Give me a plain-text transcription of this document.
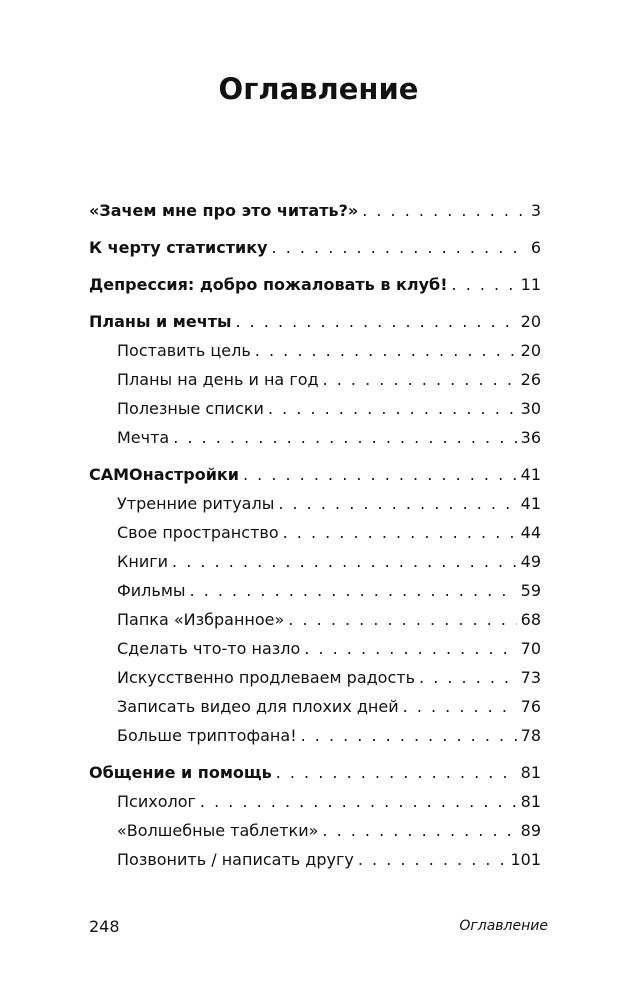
Оглавление
«Зачем мне про это читать?» . . .	3
К черту статистику . . .	6
Депрессия: добро пожаловать в клуб! . . .	11
Планы и мечты . . .	20
Поставить цель . . .	20
Планы на день и на год . . .	26
Полезные списки . . .	30
Мечта . . .	36
САМОнастройки . . .	41
Утренние ритуалы . . .	41
Свое пространство . . .	44
Книги . . .	49
Фильмы . . .	59
Папка «Избранное» . . .	68
Сделать что-то назло . . .	70
Искусственно продлеваем радость . . .	73
Записать видео для плохих дней . . .	76
Больше триптофана! . . .	78
Общение и помощь . . .	81
Психолог . . .	81
«Волшебные таблетки» . . .	89
Позвонить / написать другу . . .	101
248	Оглавление
